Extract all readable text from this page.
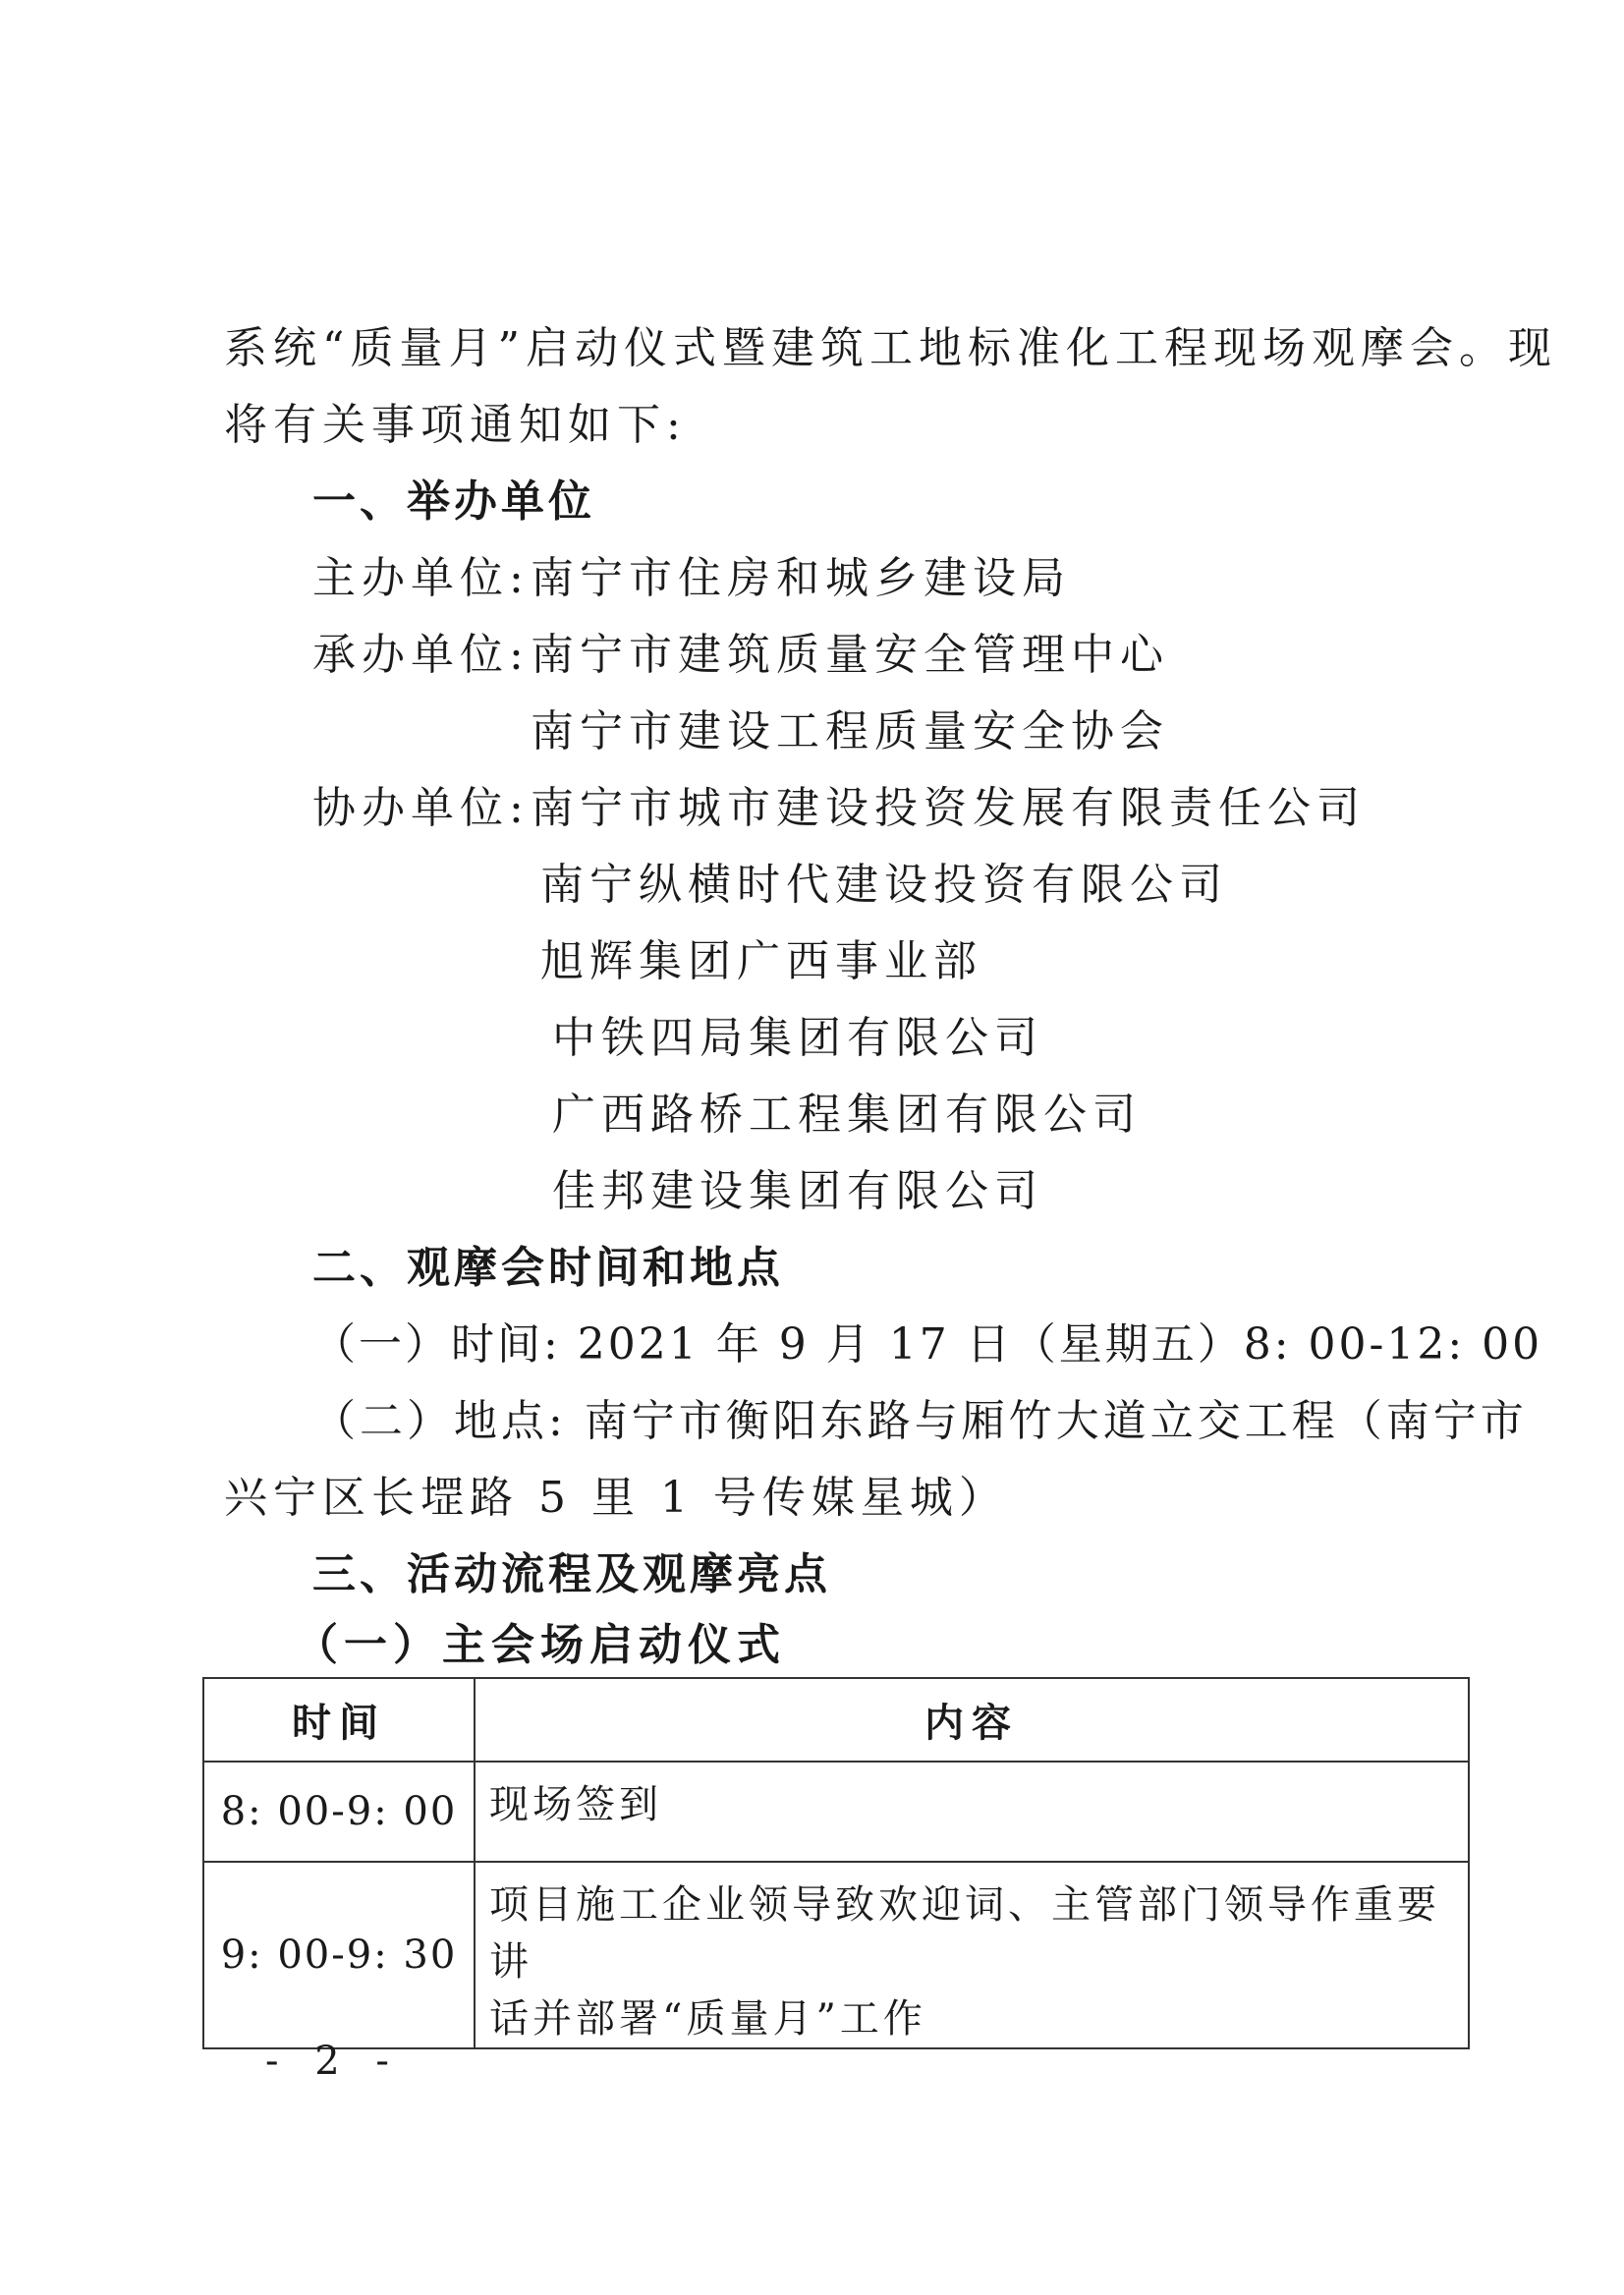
系统“质量月”启动仪式暨建筑工地标准化工程现场观摩会。现
将有关事项通知如下:
一、举办单位
主办单位: 南宁市住房和城乡建设局
承办单位: 南宁市建筑质量安全管理中心
南宁市建设工程质量安全协会
协办单位: 南宁市城市建设投资发展有限责任公司
南宁纵横时代建设投资有限公司
旭辉集团广西事业部
中铁四局集团有限公司
广西路桥工程集团有限公司
佳邦建设集团有限公司
二、观摩会时间和地点
（一）时间: 2021 年 9 月 17 日（星期五）8: 00-12: 00
（二）地点: 南宁市衡阳东路与厢竹大道立交工程（南宁市
兴宁区长堽路 5 里 1 号传媒星城）
三、活动流程及观摩亮点
（一）主会场启动仪式
时间	内容
8: 00-9: 00	现场签到

9: 00-9: 30	项目施工企业领导致欢迎词、主管部门领导作重要讲
话并部署“质量月”工作
- 2 -
